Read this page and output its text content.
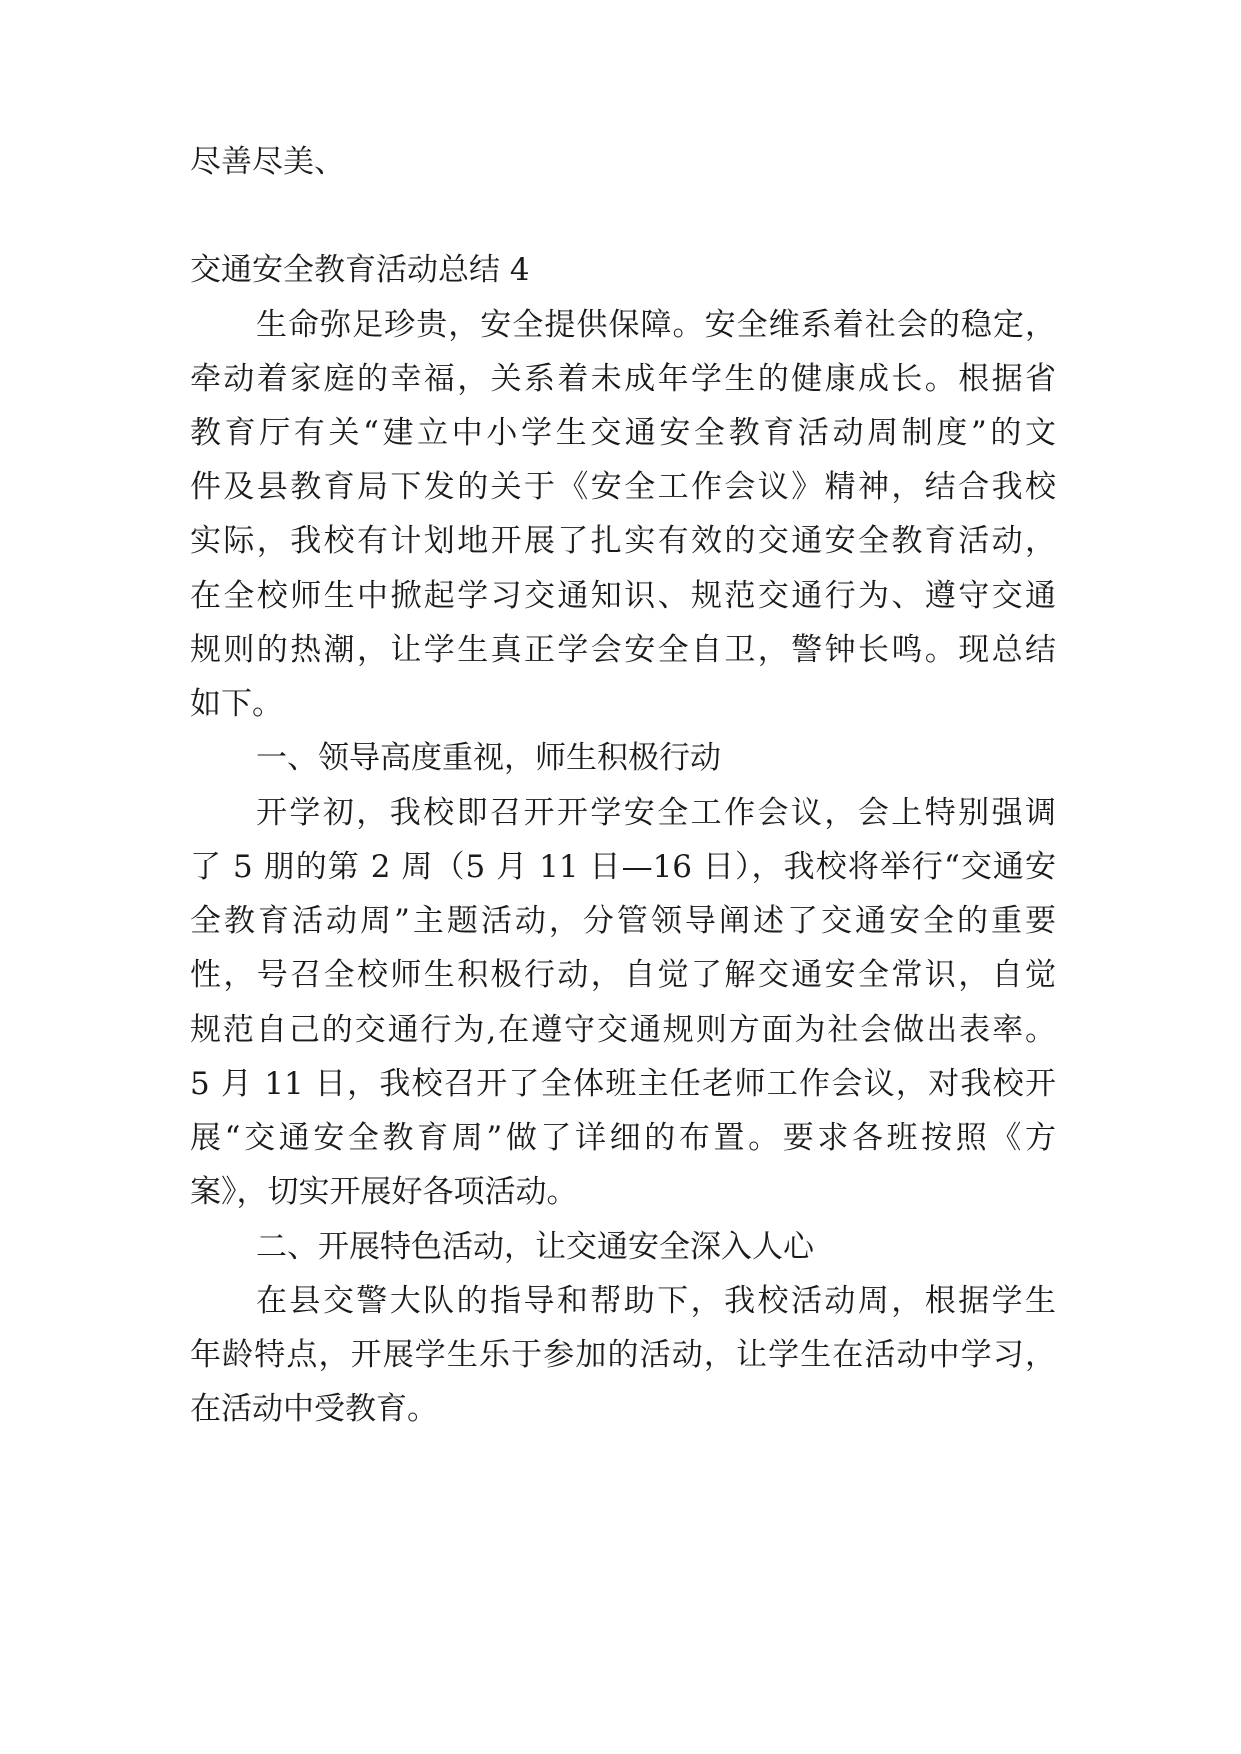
尽善尽美、

交通安全教育活动总结 4

生命弥足珍贵，安全提供保障。安全维系着社会的稳定，

牵动着家庭的幸福，关系着未成年学生的健康成长。根据省

教育厅有关“建立中小学生交通安全教育活动周制度”的文

件及县教育局下发的关于《安全工作会议》精神，结合我校

实际，我校有计划地开展了扎实有效的交通安全教育活动，

在全校师生中掀起学习交通知识、规范交通行为、遵守交通

规则的热潮，让学生真正学会安全自卫，警钟长鸣。现总结

如下。

一、领导高度重视，师生积极行动

开学初，我校即召开开学安全工作会议，会上特别强调

了 5 朋的第 2 周（5 月 11 日—16 日），我校将举行“交通安

全教育活动周”主题活动，分管领导阐述了交通安全的重要

性，号召全校师生积极行动，自觉了解交通安全常识，自觉

规范自己的交通行为,在遵守交通规则方面为社会做出表率。

5 月 11 日，我校召开了全体班主任老师工作会议，对我校开

展“交通安全教育周”做了详细的布置。要求各班按照《方

案》，切实开展好各项活动。

二、开展特色活动，让交通安全深入人心

在县交警大队的指导和帮助下，我校活动周，根据学生

年龄特点，开展学生乐于参加的活动，让学生在活动中学习，

在活动中受教育。
